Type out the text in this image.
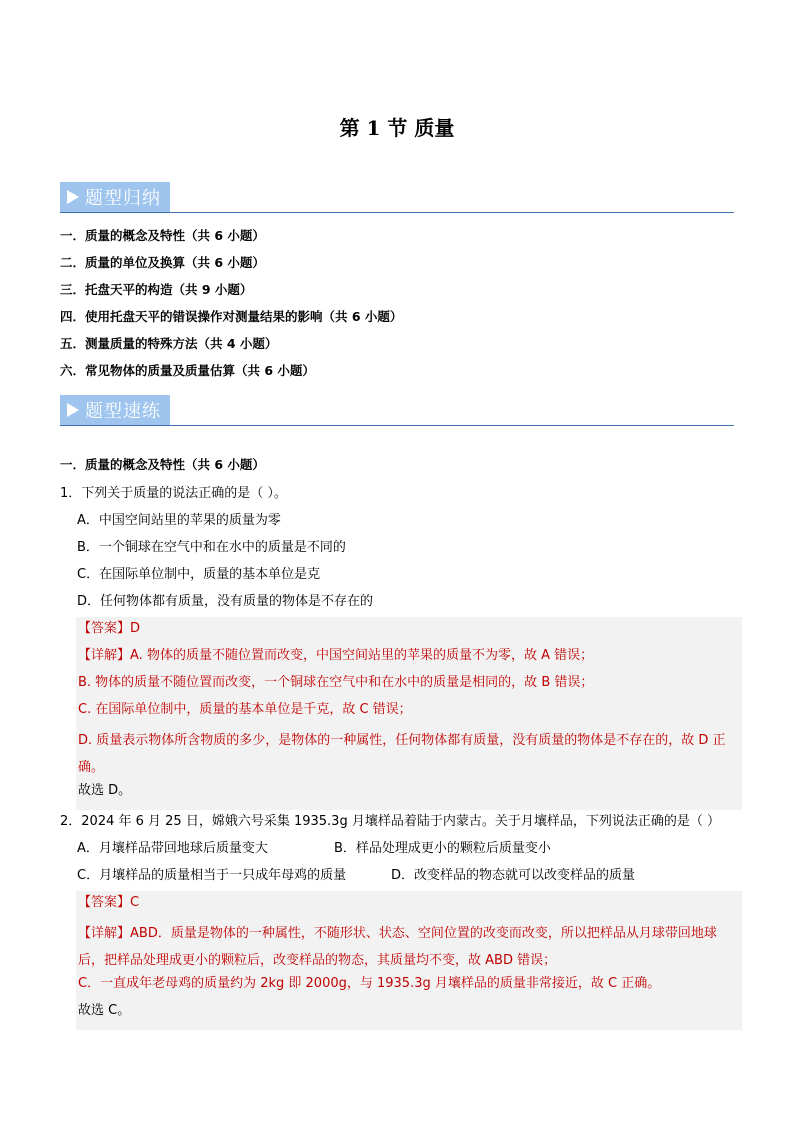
第 1 节 质量
题型归纳
一．质量的概念及特性（共 6 小题）
二．质量的单位及换算（共 6 小题）
三．托盘天平的构造（共 9 小题）
四．使用托盘天平的错误操作对测量结果的影响（共 6 小题）
五．测量质量的特殊方法（共 4 小题）
六．常见物体的质量及质量估算（共 6 小题）
题型速练
一．质量的概念及特性（共 6 小题）
1．下列关于质量的说法正确的是（ ）。
A．中国空间站里的苹果的质量为零
B．一个铜球在空气中和在水中的质量是不同的
C．在国际单位制中，质量的基本单位是克
D．任何物体都有质量，没有质量的物体是不存在的
【答案】D
【详解】A. 物体的质量不随位置而改变，中国空间站里的苹果的质量不为零，故 A 错误；
B. 物体的质量不随位置而改变，一个铜球在空气中和在水中的质量是相同的，故 B 错误；
C. 在国际单位制中，质量的基本单位是千克，故 C 错误；
D. 质量表示物体所含物质的多少，是物体的一种属性，任何物体都有质量，没有质量的物体是不存在的，故 D 正确。
故选 D。
2．2024 年 6 月 25 日，嫦娥六号采集 1935.3g 月壤样品着陆于内蒙古。关于月壤样品，下列说法正确的是（ ）
A．月壤样品带回地球后质量变大	B．样品处理成更小的颗粒后质量变小
C．月壤样品的质量相当于一只成年母鸡的质量	D．改变样品的物态就可以改变样品的质量
【答案】C
【详解】ABD．质量是物体的一种属性，不随形状、状态、空间位置的改变而改变，所以把样品从月球带回地球后，把样品处理成更小的颗粒后，改变样品的物态，其质量均不变，故 ABD 错误；
C．一直成年老母鸡的质量约为 2kg 即 2000g，与 1935.3g 月壤样品的质量非常接近，故 C 正确。
故选 C。
